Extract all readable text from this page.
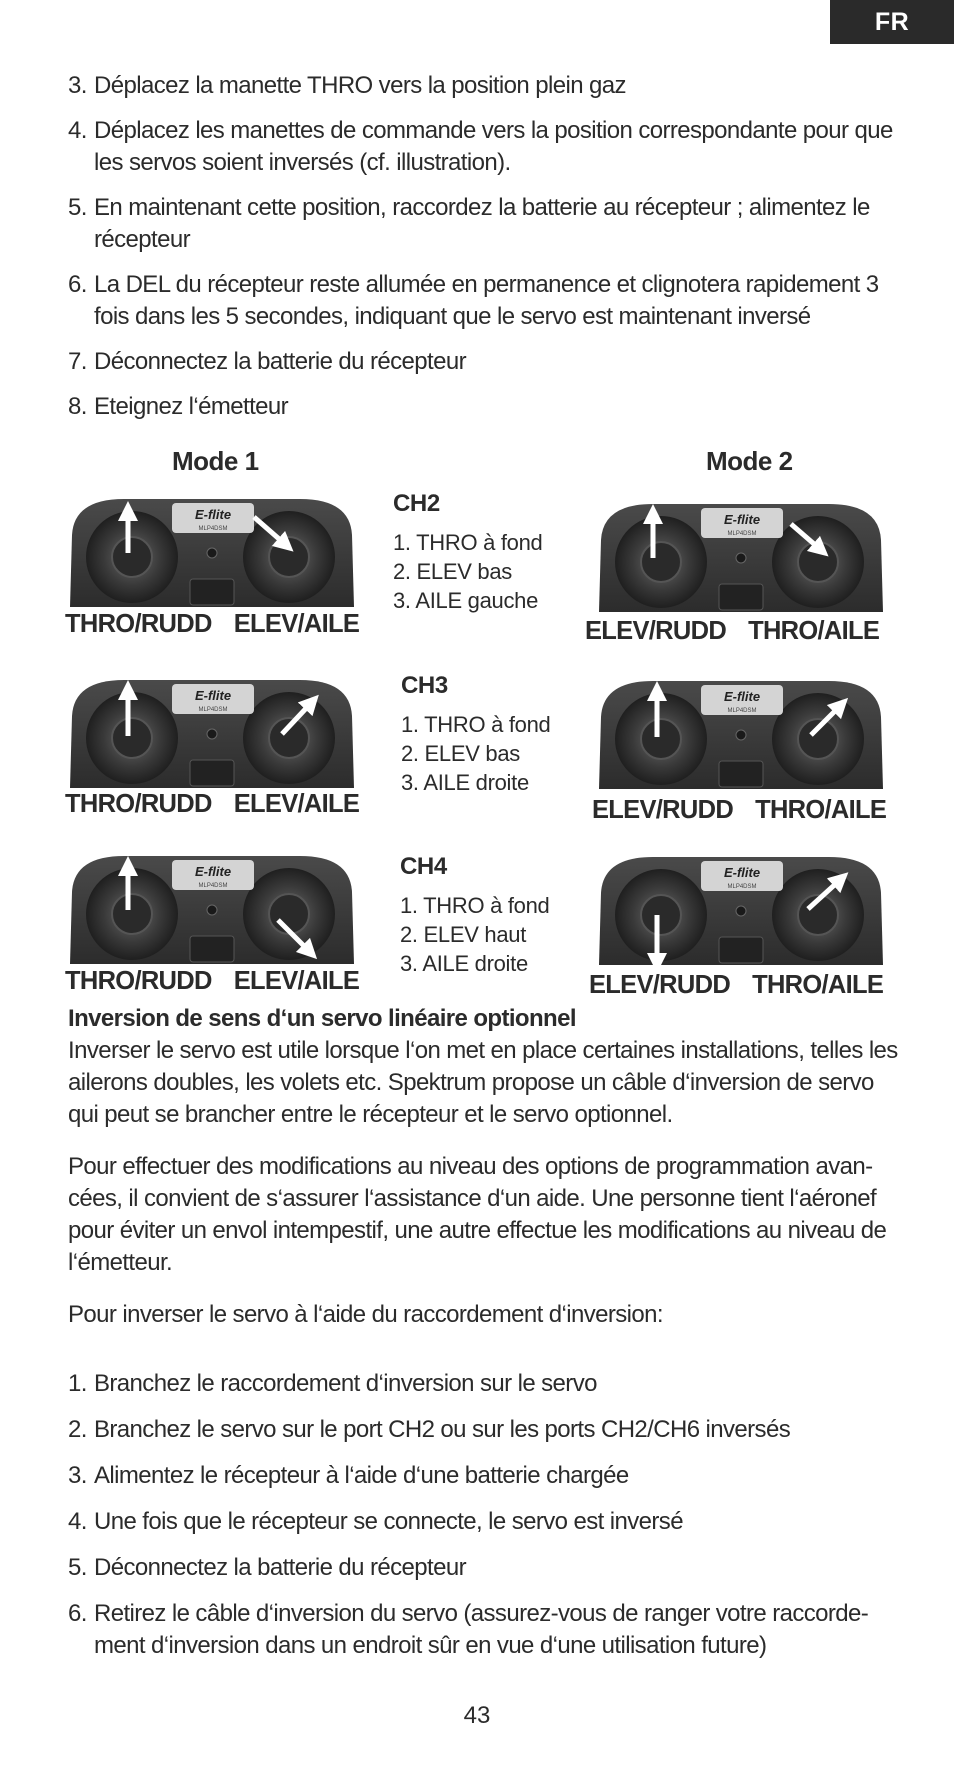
FR
3. Déplacez la manette THRO vers la position plein gaz
4. Déplacez les manettes de commande vers la position correspondante pour que les servos soient inversés (cf. illustration).
5. En maintenant cette position, raccordez la batterie au récepteur ; alimentez le récepteur
6. La DEL du récepteur reste allumée en permanence et clignotera rapidement 3 fois dans les 5 secondes, indiquant que le servo est maintenant inversé
7. Déconnectez la batterie du récepteur
8. Eteignez l‘émetteur
Mode 1	Mode 2
E-flite
MLP4DSM
THRO/RUDD ELEV/AILE
E-flite
MLP4DSM
ELEV/RUDD THRO/AILE
E-flite
MLP4DSM
THRO/RUDD ELEV/AILE
E-flite
MLP4DSM
ELEV/RUDD THRO/AILE
E-flite
MLP4DSM
THRO/RUDD ELEV/AILE
E-flite
MLP4DSM
ELEV/RUDD THRO/AILE
CH2
1. THRO à fond
2. ELEV bas
3. AILE gauche
CH3
1. THRO à fond
2. ELEV bas
3. AILE droite
CH4
1. THRO à fond
2. ELEV haut
3. AILE droite
Inversion de sens d‘un servo linéaire optionnel

Inverser le servo est utile lorsque l‘on met en place certaines installations, telles les ailerons doubles, les volets etc. Spektrum propose un câble d‘inversion de servo qui peut se brancher entre le récepteur et le servo optionnel.

Pour effectuer des modifications au niveau des options de programmation avan-cées, il convient de s‘assurer l‘assistance d‘un aide. Une personne tient l‘aéronef pour éviter un envol intempestif, une autre effectue les modifications au niveau de l‘émetteur.

Pour inverser le servo à l‘aide du raccordement d‘inversion:

1. Branchez le raccordement d‘inversion sur le servo
2. Branchez le servo sur le port CH2 ou sur les ports CH2/CH6 inversés
3. Alimentez le récepteur à l‘aide d‘une batterie chargée
4. Une fois que le récepteur se connecte, le servo est inversé
5. Déconnectez la batterie du récepteur
6. Retirez le câble d‘inversion du servo (assurez-vous de ranger votre raccorde-ment d‘inversion dans un endroit sûr en vue d‘une utilisation future)
43
